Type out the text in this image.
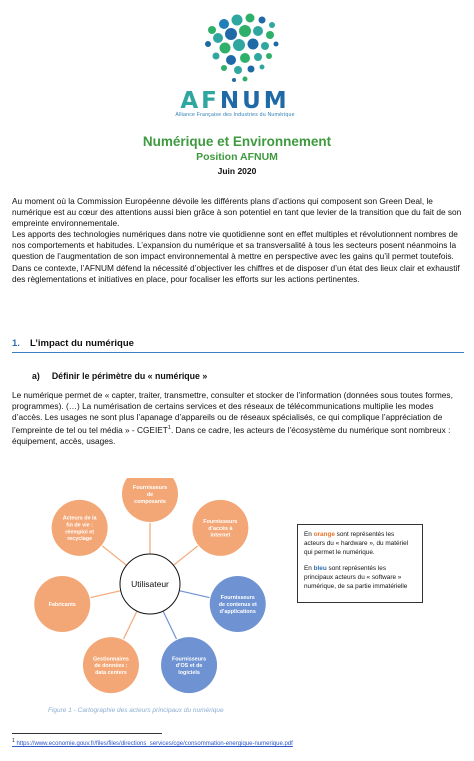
AFNUM
Alliance Française des Industries du Numérique
Numérique et Environnement
Position AFNUM
Juin 2020

Au moment où la Commission Européenne dévoile les différents plans d’actions qui composent son Green Deal, le numérique est au cœur des attentions aussi bien grâce à son potentiel en tant que levier de la transition que du fait de son empreinte environnementale.

Les apports des technologies numériques dans notre vie quotidienne sont en effet multiples et révolutionnent nombres de nos comportements et habitudes. L’expansion du numérique et sa transversalité à tous les secteurs posent néanmoins la question de l’augmentation de son impact environnemental à mettre en perspective avec les gains qu’il permet toutefois.

Dans ce contexte, l’AFNUM défend la nécessité d’objectiver les chiffres et de disposer d’un état des lieux clair et exhaustif des règlementations et initiatives en place, pour focaliser les efforts sur les actions pertinentes.

1. L’impact du numérique
a) Définir le périmètre du « numérique »
Le numérique permet de « capter, traiter, transmettre, consulter et stocker de l’information (données sous toutes formes, programmes). (…) La numérisation de certains services et des réseaux de télécommunications multiplie les modes d’accès. Les usages ne sont plus l’apanage d’appareils ou de réseaux spécialisés, ce qui complique l’appréciation de l’empreinte de tel ou tel média » - CGEIET$^1$. Dans ce cadre, les acteurs de l’écosystème du numérique sont nombreux : équipement, accès, usages.
Fournisseurs de composants
Fournisseurs d’accès à internet
Fournisseurs de contenus et d’applications
Fournisseurs d’OS et de logiciels
Gestionnaires de données : data centers
Fabricants
Acteurs de la fin de vie : réemploi et recyclage
Utilisateur

En orange sont représentés les acteurs du « hardware », du matériel qui permet le numérique.

En bleu sont représentés les principaux acteurs du « software » numérique, de sa partie immatérielle

Figure 1 - Cartographie des acteurs principaux du numérique
$^1$ https://www.economie.gouv.fr/files/files/directions_services/cge/consommation-energique-numerique.pdf
